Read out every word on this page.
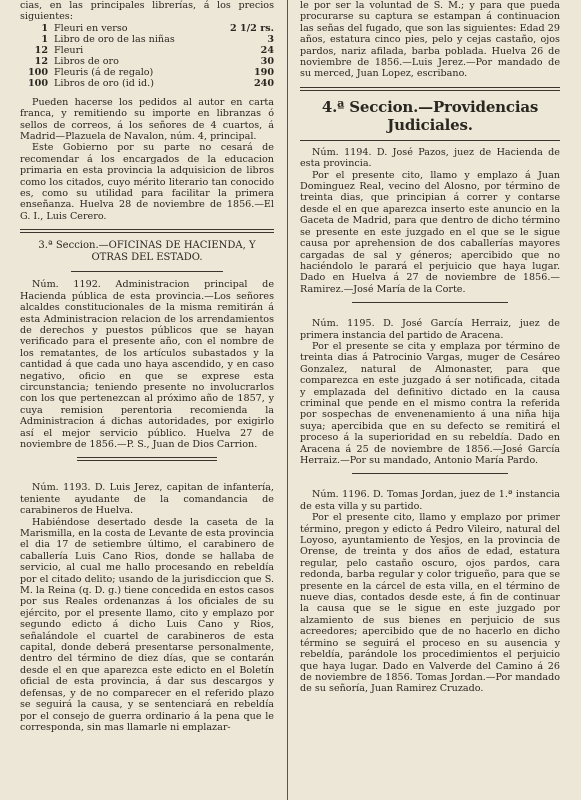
cias, en las principales librerías, á los precios siguientes:

1	Fleuri en verso	2 1/2 rs.
1	Libro de oro de las niñas	3
12	Fleuri	24
12	Libros de oro	30
100	Fleuris (á de regalo)	190
100	Libros de oro (id id.)	240

Pueden hacerse los pedidos al autor en carta franca, y remitiendo su importe en libranzas ó sellos de correos, á los señores de 4 cuartos, á Madrid—Plazuela de Navalon, núm. 4, principal.

Este Gobierno por su parte no cesará de recomendar á los encargados de la educacion primaria en esta provincia la adquisicion de libros como los citados, cuyo mérito literario tan conocido es, como su utilidad para facilitar la primera enseñanza. Huelva 28 de noviembre de 1856.—El G. I., Luis Cerero.

3.ª Seccion.—OFICINAS DE HACIENDA, Y OTRAS DEL ESTADO.

Núm. 1192. Administracion principal de Hacienda pública de esta provincia.—Los señores alcaldes constitucionales de la misma remitirán á esta Administracion relacion de los arrendamientos de derechos y puestos públicos que se hayan verificado para el presente año, con el nombre de los rematantes, de los artículos subastados y la cantidad á que cada uno haya ascendido, y en caso negativo, oficio en que se exprese esta circunstancia; teniendo presente no involucrarlos con los que pertenezcan al próximo año de 1857, y cuya remision perentoria recomienda la Administracion á dichas autoridades, por exigirlo así el mejor servicio público. Huelva 27 de noviembre de 1856.—P. S., Juan de Dios Carrion.

Núm. 1193. D. Luis Jerez, capitan de infantería, teniente ayudante de la comandancia de carabineros de Huelva.

Habiéndose desertado desde la caseta de la Marismilla, en la costa de Levante de esta provincia el dia 17 de setiembre último, el carabinero de caballería Luis Cano Rios, donde se hallaba de servicio, al cual me hallo procesando en rebeldía por el citado delito; usando de la jurisdiccion que S. M. la Reina (q. D. g.) tiene concedida en estos casos por sus Reales ordenanzas á los oficiales de su ejército, por el presente llamo, cito y emplazo por segundo edicto á dicho Luis Cano y Rios, señalándole el cuartel de carabineros de esta capital, donde deberá presentarse personalmente, dentro del término de diez días, que se contarán desde el en que aparezca este edicto en el Boletín oficial de esta provincia, á dar sus descargos y defensas, y de no comparecer en el referido plazo se seguirá la causa, y se sentenciará en rebeldía por el consejo de guerra ordinario á la pena que le corresponda, sin mas llamarle ni emplazar-

le por ser la voluntad de S. M.; y para que pueda procurarse su captura se estampan á continuacion las señas del fugado, que son las siguientes: Edad 29 años, estatura cinco pies, pelo y cejas castaño, ojos pardos, nariz afilada, barba poblada. Huelva 26 de noviembre de 1856.—Luis Jerez.—Por mandado de su merced, Juan Lopez, escribano.

4.ª Seccion.—Providencias Judiciales.

Núm. 1194. D. José Pazos, juez de Hacienda de esta provincia.

Por el presente cito, llamo y emplazo á Juan Dominguez Real, vecino del Alosno, por término de treinta dias, que principian á correr y contarse desde el en que aparezca inserto este anuncio en la Gaceta de Madrid, para que dentro de dicho término se presente en este juzgado en el que se le sigue causa por aprehension de dos caballerías mayores cargadas de sal y géneros; apercibido que no haciéndolo le parará el perjuicio que haya lugar. Dado en Huelva á 27 de noviembre de 1856.—Ramirez.—José María de la Corte.

Núm. 1195. D. José García Herraiz, juez de primera instancia del partido de Aracena.

Por el presente se cita y emplaza por término de treinta dias á Patrocinio Vargas, muger de Cesáreo Gonzalez, natural de Almonaster, para que comparezca en este juzgado á ser notificada, citada y emplazada del definitivo dictado en la causa criminal que pende en el mismo contra la referida por sospechas de envenenamiento á una niña hija suya; apercibida que en su defecto se remitirá el proceso á la superioridad en su rebeldía. Dado en Aracena á 25 de noviembre de 1856.—José García Herraiz.—Por su mandado, Antonio María Pardo.

Núm. 1196. D. Tomas Jordan, juez de 1.ª instancia de esta villa y su partido.

Por el presente cito, llamo y emplazo por primer término, pregon y edicto á Pedro Vileiro, natural del Loyoso, ayuntamiento de Yesjos, en la provincia de Orense, de treinta y dos años de edad, estatura regular, pelo castaño oscuro, ojos pardos, cara redonda, barba regular y color trigueño, para que se presente en la cárcel de esta villa, en el término de nueve dias, contados desde este, á fin de continuar la causa que se le sigue en este juzgado por alzamiento de sus bienes en perjuicio de sus acreedores; apercibido que de no hacerlo en dicho término se seguirá el proceso en su ausencia y rebeldía, parándole los procedimientos el perjuicio que haya lugar. Dado en Valverde del Camino á 26 de noviembre de 1856. Tomas Jordan.—Por mandado de su señoría, Juan Ramirez Cruzado.
